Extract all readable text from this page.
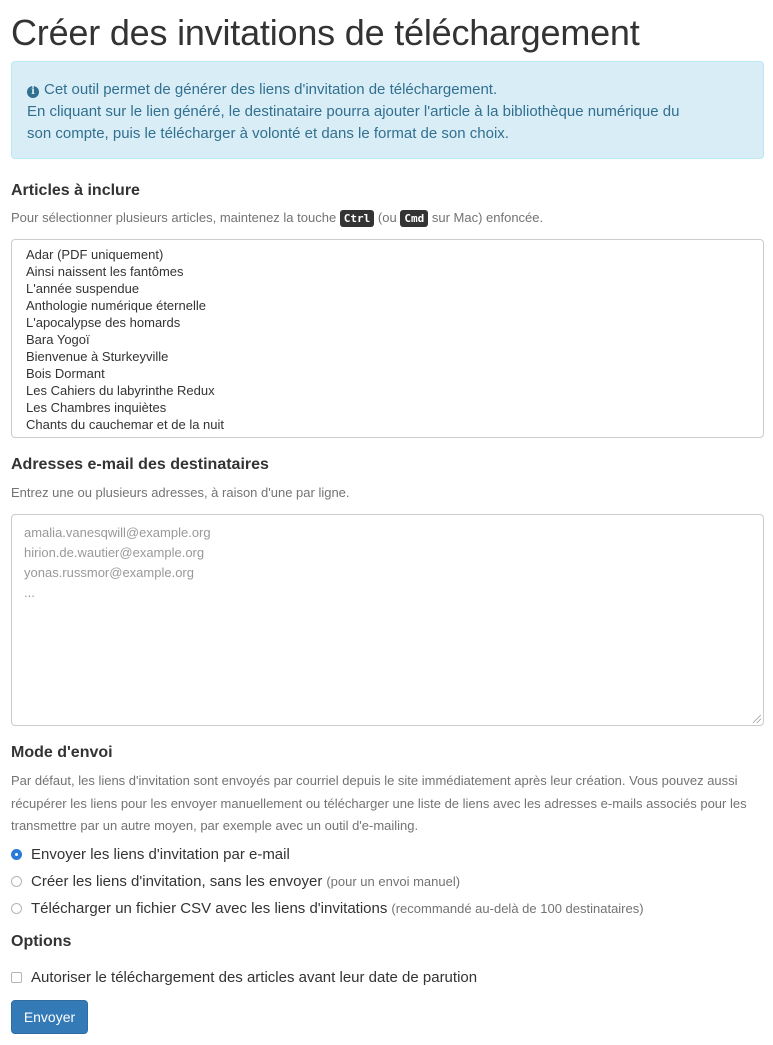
Créer des invitations de téléchargement
i Cet outil permet de générer des liens d'invitation de téléchargement.
En cliquant sur le lien généré, le destinataire pourra ajouter l'article à la bibliothèque numérique du
son compte, puis le télécharger à volonté et dans le format de son choix.
Articles à inclure

Pour sélectionner plusieurs articles, maintenez la touche Ctrl (ou Cmd sur Mac) enfoncée.

Adar (PDF uniquement)
Ainsi naissent les fantômes
L'année suspendue
Anthologie numérique éternelle
L'apocalypse des homards
Bara Yogoï
Bienvenue à Sturkeyville
Bois Dormant
Les Cahiers du labyrinthe Redux
Les Chambres inquiètes
Chants du cauchemar et de la nuit
Adresses e-mail des destinataires

Entrez une ou plusieurs adresses, à raison d'une par ligne.

amalia.vanesqwill@example.org
hirion.de.wautier@example.org
yonas.russmor@example.org
...
Mode d'envoi

Par défaut, les liens d'invitation sont envoyés par courriel depuis le site immédiatement après leur création. Vous pouvez aussi récupérer les liens pour les envoyer manuellement ou télécharger une liste de liens avec les adresses e-mails associés pour les transmettre par un autre moyen, par exemple avec un outil d'e-mailing.

Envoyer les liens d'invitation par e-mail
Créer les liens d'invitation, sans les envoyer (pour un envoi manuel)
Télécharger un fichier CSV avec les liens d'invitations (recommandé au-delà de 100 destinataires)
Options
Autoriser le téléchargement des articles avant leur date de parution
Envoyer
